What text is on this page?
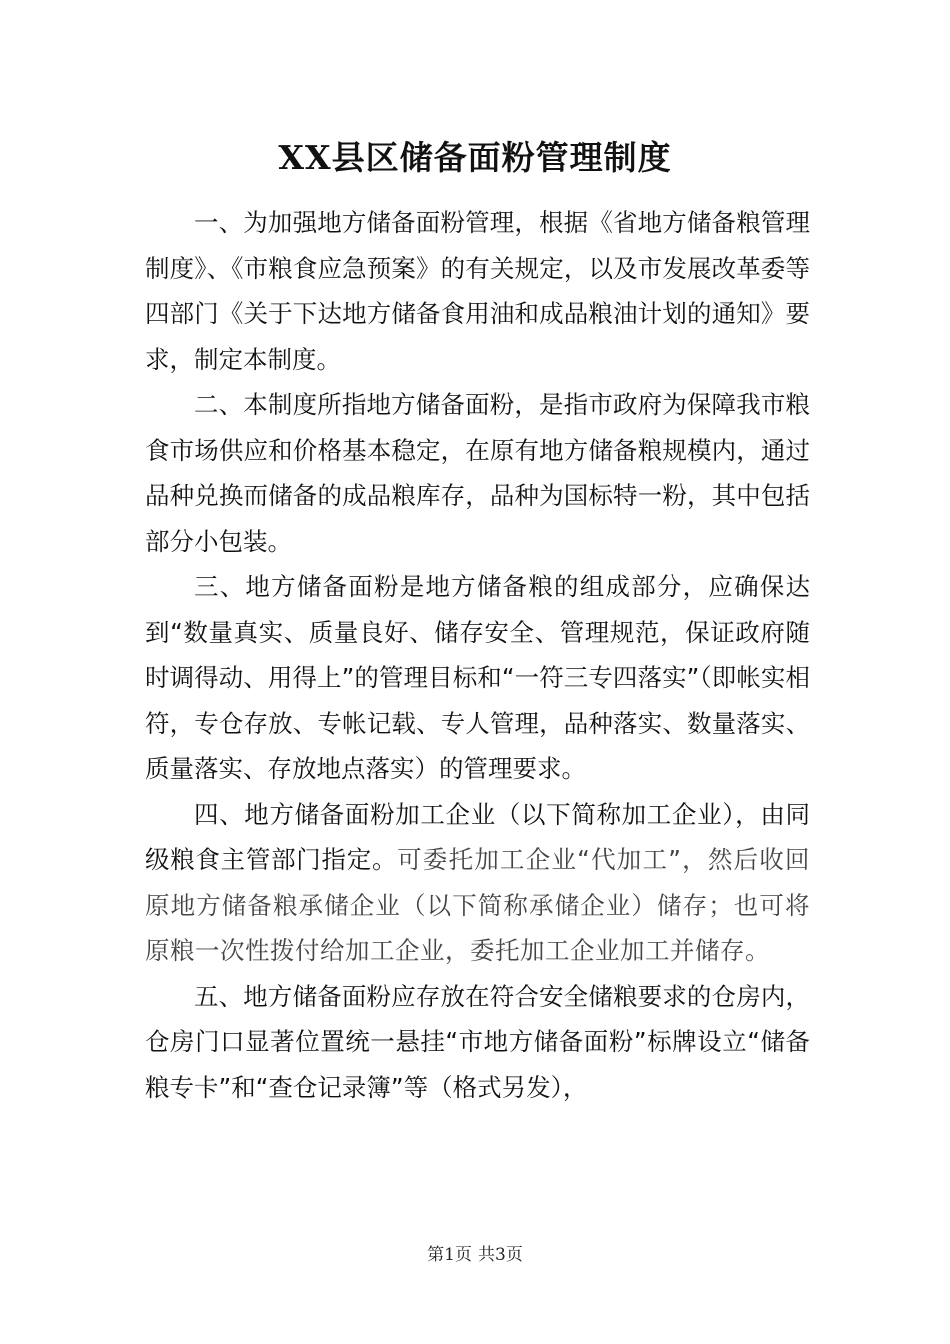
XX县区储备面粉管理制度

一、为加强地方储备面粉管理，根据《省地方储备粮管理制度》、《市粮食应急预案》的有关规定，以及市发展改革委等四部门《关于下达地方储备食用油和成品粮油计划的通知》要求，制定本制度。

二、本制度所指地方储备面粉，是指市政府为保障我市粮食市场供应和价格基本稳定，在原有地方储备粮规模内，通过品种兑换而储备的成品粮库存，品种为国标特一粉，其中包括部分小包装。

三、地方储备面粉是地方储备粮的组成部分，应确保达到“数量真实、质量良好、储存安全、管理规范，保证政府随时调得动、用得上”的管理目标和“一符三专四落实”（即帐实相符，专仓存放、专帐记载、专人管理，品种落实、数量落实、质量落实、存放地点落实）的管理要求。

四、地方储备面粉加工企业（以下简称加工企业），由同级粮食主管部门指定。可委托加工企业“代加工”，然后收回原地方储备粮承储企业（以下简称承储企业）储存；也可将原粮一次性拨付给加工企业，委托加工企业加工并储存。

五、地方储备面粉应存放在符合安全储粮要求的仓房内，仓房门口显著位置统一悬挂“市地方储备面粉”标牌设立“储备粮专卡”和“查仓记录簿”等（格式另发），

第1页 共3页
